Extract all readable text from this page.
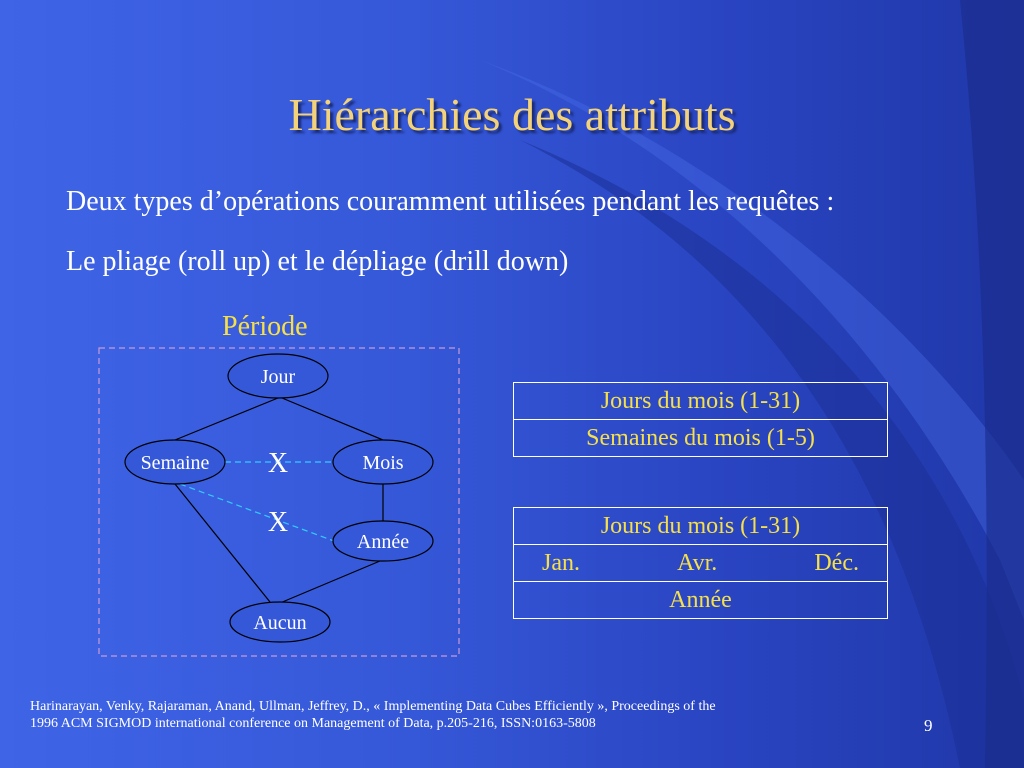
Hiérarchies des attributs
Deux types d’opérations couramment utilisées pendant les requêtes :
Le pliage (roll up) et le dépliage (drill down)
Période
Jour
Semaine	Mois
Année
Aucun
X
X
Jours du mois (1-31)
Semaines du mois (1-5)
Jours du mois (1-31)

Jan.	Avr.	Déc.

Année
Harinarayan, Venky, Rajaraman, Anand, Ullman, Jeffrey, D., « Implementing Data Cubes Efficiently », Proceedings of the
1996 ACM SIGMOD international conference on Management of Data, p.205-216, ISSN:0163-5808	9
